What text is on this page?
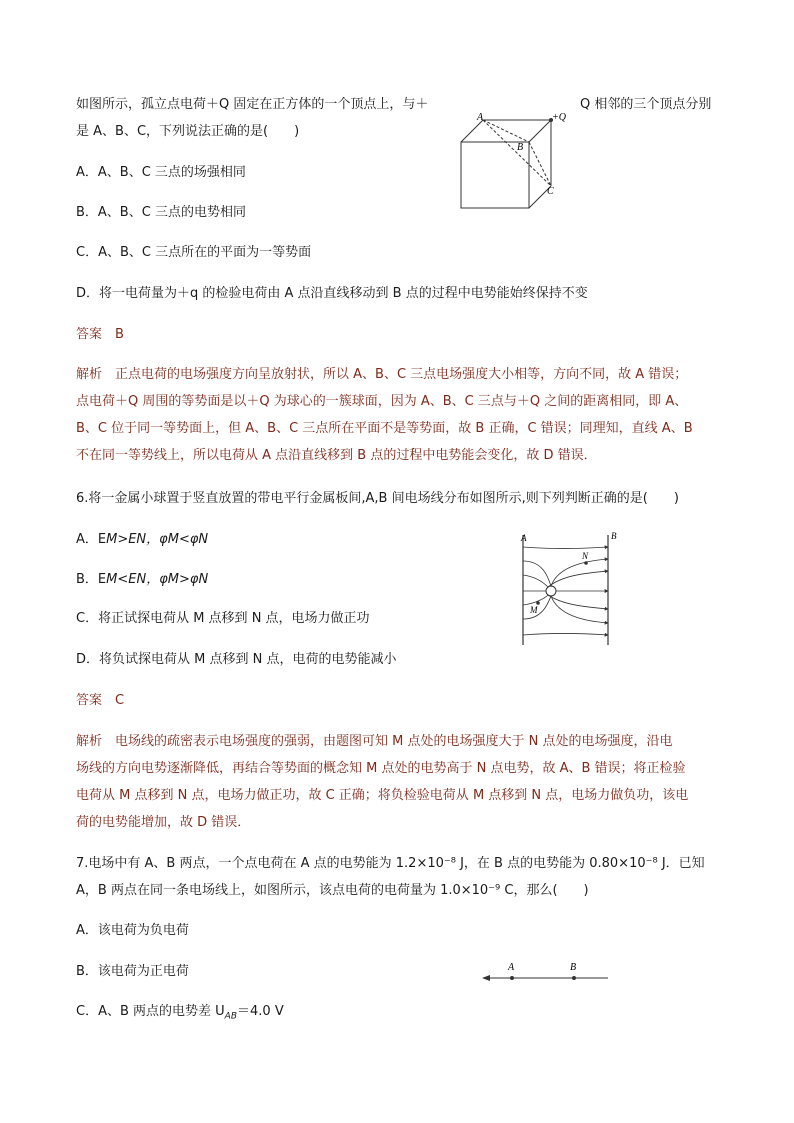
如图所示，孤立点电荷＋Q 固定在正方体的一个顶点上，与＋	Q 相邻的三个顶点分别
是 A、B、C，下列说法正确的是(　　)
A
B
C
+Q
A．A、B、C 三点的场强相同
B．A、B、C 三点的电势相同
C．A、B、C 三点所在的平面为一等势面
D．将一电荷量为＋q 的检验电荷由 A 点沿直线移动到 B 点的过程中电势能始终保持不变
答案　B
解析　正点电荷的电场强度方向呈放射状，所以 A、B、C 三点电场强度大小相等，方向不同，故 A 错误；
点电荷＋Q 周围的等势面是以＋Q 为球心的一簇球面，因为 A、B、C 三点与＋Q 之间的距离相同，即 A、
B、C 位于同一等势面上，但 A、B、C 三点所在平面不是等势面，故 B 正确，C 错误；同理知，直线 A、B
不在同一等势线上，所以电荷从 A 点沿直线移到 B 点的过程中电势能会变化，故 D 错误．
6.将一金属小球置于竖直放置的带电平行金属板间,A,B 间电场线分布如图所示,则下列判断正确的是(　　)
A．EM>EN，φM<φN
B．EM<EN，φM>φN
C．将正试探电荷从 M 点移到 N 点，电场力做正功
D．将负试探电荷从 M 点移到 N 点，电荷的电势能减小
A	B
N
M
答案　C
解析　电场线的疏密表示电场强度的强弱，由题图可知 M 点处的电场强度大于 N 点处的电场强度，沿电
场线的方向电势逐渐降低，再结合等势面的概念知 M 点处的电势高于 N 点电势，故 A、B 错误；将正检验
电荷从 M 点移到 N 点，电场力做正功，故 C 正确；将负检验电荷从 M 点移到 N 点，电场力做负功，该电
荷的电势能增加，故 D 错误．
7.电场中有 A、B 两点，一个点电荷在 A 点的电势能为 1.2×10⁻⁸ J，在 B 点的电势能为 0.80×10⁻⁸ J．已知
A，B 两点在同一条电场线上，如图所示，该点电荷的电荷量为 1.0×10⁻⁹ C，那么(　　)
A．该电荷为负电荷
B．该电荷为正电荷
C．A、B 两点的电势差 $U_{AB}=4.0$ V
A	B
